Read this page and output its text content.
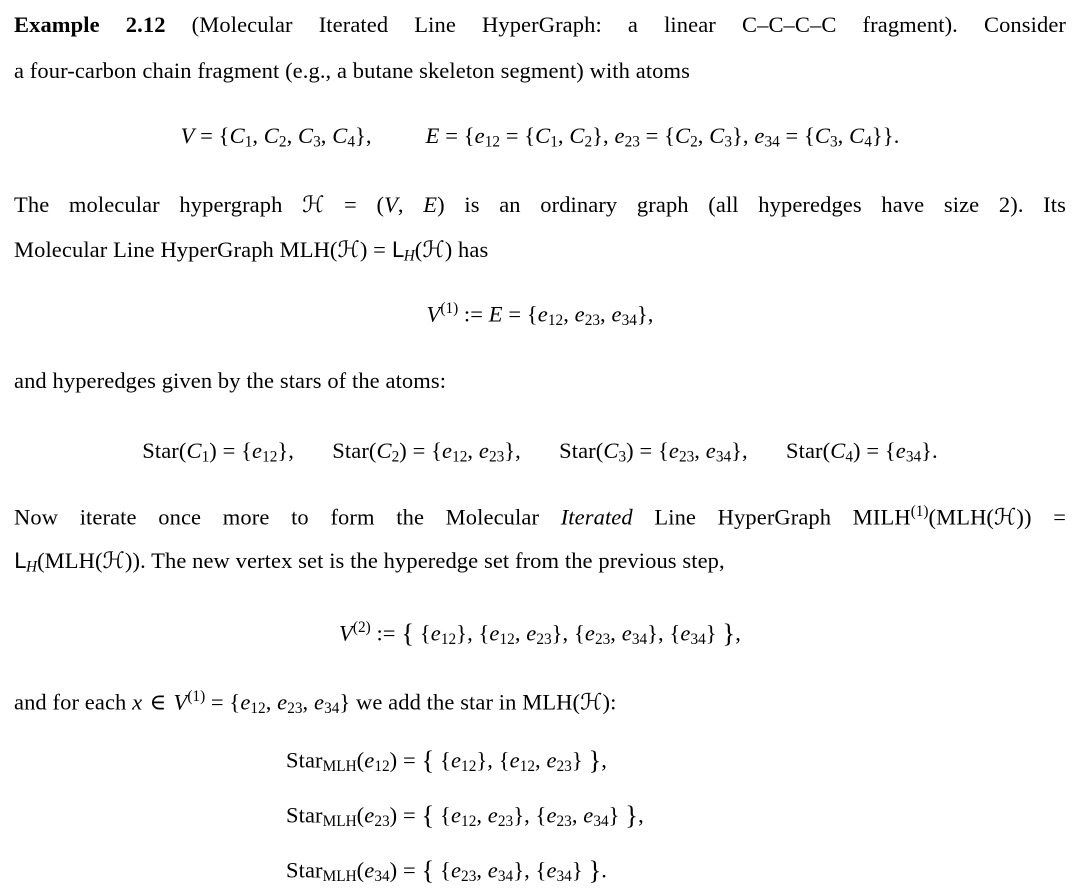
Example 2.12 (Molecular Iterated Line HyperGraph: a linear C–C–C–C fragment). Consider
a four-carbon chain fragment (e.g., a butane skeleton segment) with atoms
V = {C1, C2, C3, C4}, E = {e12 = {C1, C2}, e23 = {C2, C3}, e34 = {C3, C4}}.
The molecular hypergraph ℋ = (V, E) is an ordinary graph (all hyperedges have size 2). Its
Molecular Line HyperGraph MLH(ℋ) = LH(ℋ) has
$V^{(1)}$ := E = {e12, e23, e34},
and hyperedges given by the stars of the atoms:
Star(C1) = {e12}, Star(C2) = {e12, e23}, Star(C3) = {e23, e34}, Star(C4) = {e34}.
Now iterate once more to form the Molecular Iterated Line HyperGraph $MILH^{(1)}(MLH(ℋ))$ =
LH(MLH(ℋ)). The new vertex set is the hyperedge set from the previous step,
$V^{(2)}$ := { {e12}, {e12, e23}, {e23, e34}, {e34} },
and for each x ∈ $V^{(1)} = \{e12$, e23, e34} we add the star in MLH(ℋ):
StarMLH(e12) = { {e12}, {e12, e23} },
StarMLH(e23) = { {e12, e23}, {e23, e34} },
StarMLH(e34) = { {e23, e34}, {e34} }.
